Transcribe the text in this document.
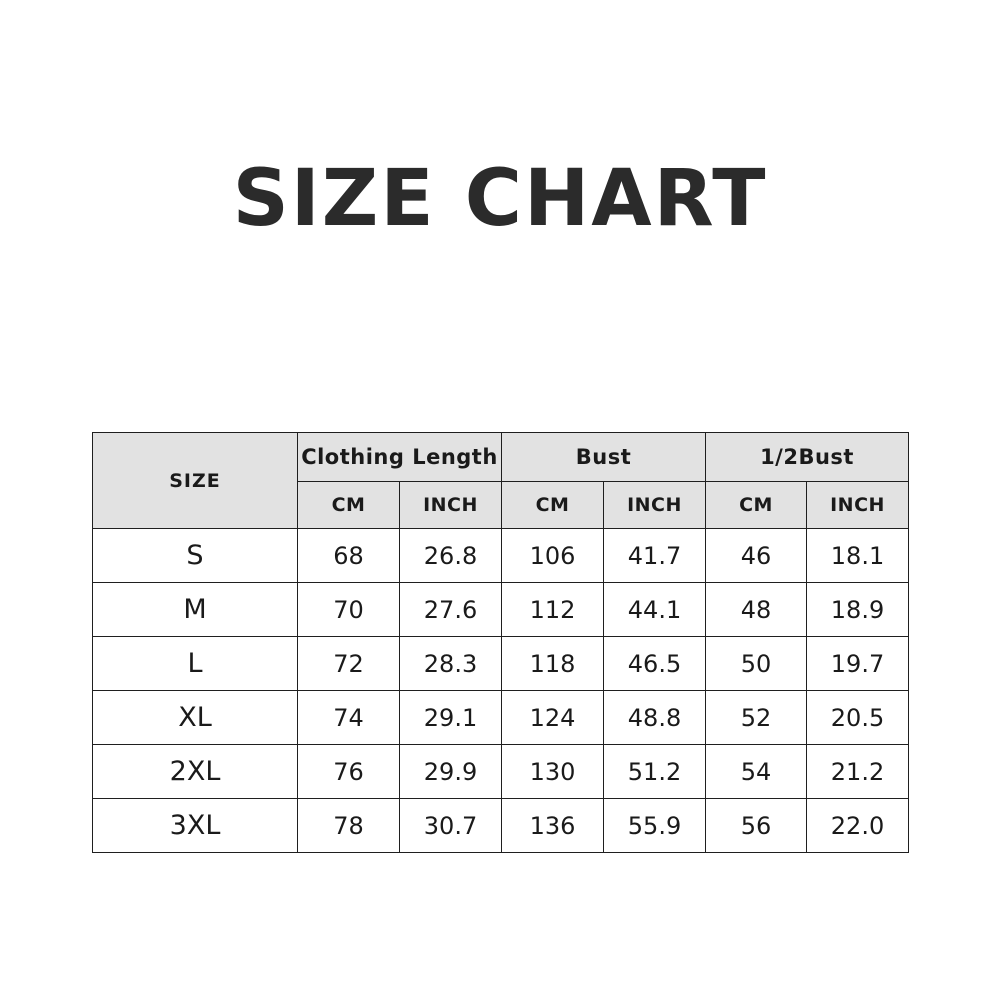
SIZE CHART
SIZE	Clothing Length		Bust		1/2Bust	
	CM	INCH	CM	INCH	CM	INCH
S	68	26.8	106	41.7	46	18.1
M	70	27.6	112	44.1	48	18.9
L	72	28.3	118	46.5	50	19.7
XL	74	29.1	124	48.8	52	20.5
2XL	76	29.9	130	51.2	54	21.2
3XL	78	30.7	136	55.9	56	22.0
